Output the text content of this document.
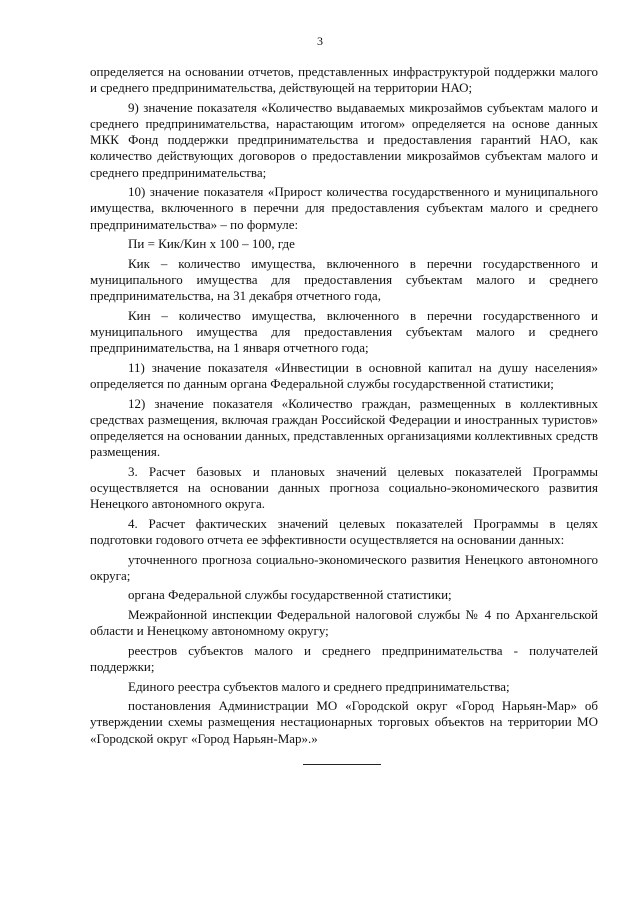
3

определяется на основании отчетов, представленных инфраструктурой поддержки малого и среднего предпринимательства, действующей на территории НАО;

9) значение показателя «Количество выдаваемых микрозаймов субъектам малого и среднего предпринимательства, нарастающим итогом» определяется на основе данных МКК Фонд поддержки предпринимательства и предоставления гарантий НАО, как количество действующих договоров о предоставлении микрозаймов субъектам малого и среднего предпринимательства;

10) значение показателя «Прирост количества государственного и муниципального имущества, включенного в перечни для предоставления субъектам малого и среднего предпринимательства» – по формуле:

Пи = Кик/Кин х 100 – 100, где

Кик – количество имущества, включенного в перечни государственного и муниципального имущества для предоставления субъектам малого и среднего предпринимательства, на 31 декабря отчетного года,

Кин – количество имущества, включенного в перечни государственного и муниципального имущества для предоставления субъектам малого и среднего предпринимательства, на 1 января отчетного года;

11) значение показателя «Инвестиции в основной капитал на душу населения» определяется по данным органа Федеральной службы государственной статистики;

12) значение показателя «Количество граждан, размещенных в коллективных средствах размещения, включая граждан Российской Федерации и иностранных туристов» определяется на основании данных, представленных организациями коллективных средств размещения.

3. Расчет базовых и плановых значений целевых показателей Программы осуществляется на основании данных прогноза социально-экономического развития Ненецкого автономного округа.

4. Расчет фактических значений целевых показателей Программы в целях подготовки годового отчета ее эффективности осуществляется на основании данных:

уточненного прогноза социально-экономического развития Ненецкого автономного округа;

органа Федеральной службы государственной статистики;

Межрайонной инспекции Федеральной налоговой службы № 4 по Архангельской области и Ненецкому автономному округу;

реестров субъектов малого и среднего предпринимательства - получателей поддержки;

Единого реестра субъектов малого и среднего предпринимательства;

постановления Администрации МО «Городской округ «Город Нарьян-Мар» об утверждении схемы размещения нестационарных торговых объектов на территории МО «Городской округ «Город Нарьян-Мар».»
